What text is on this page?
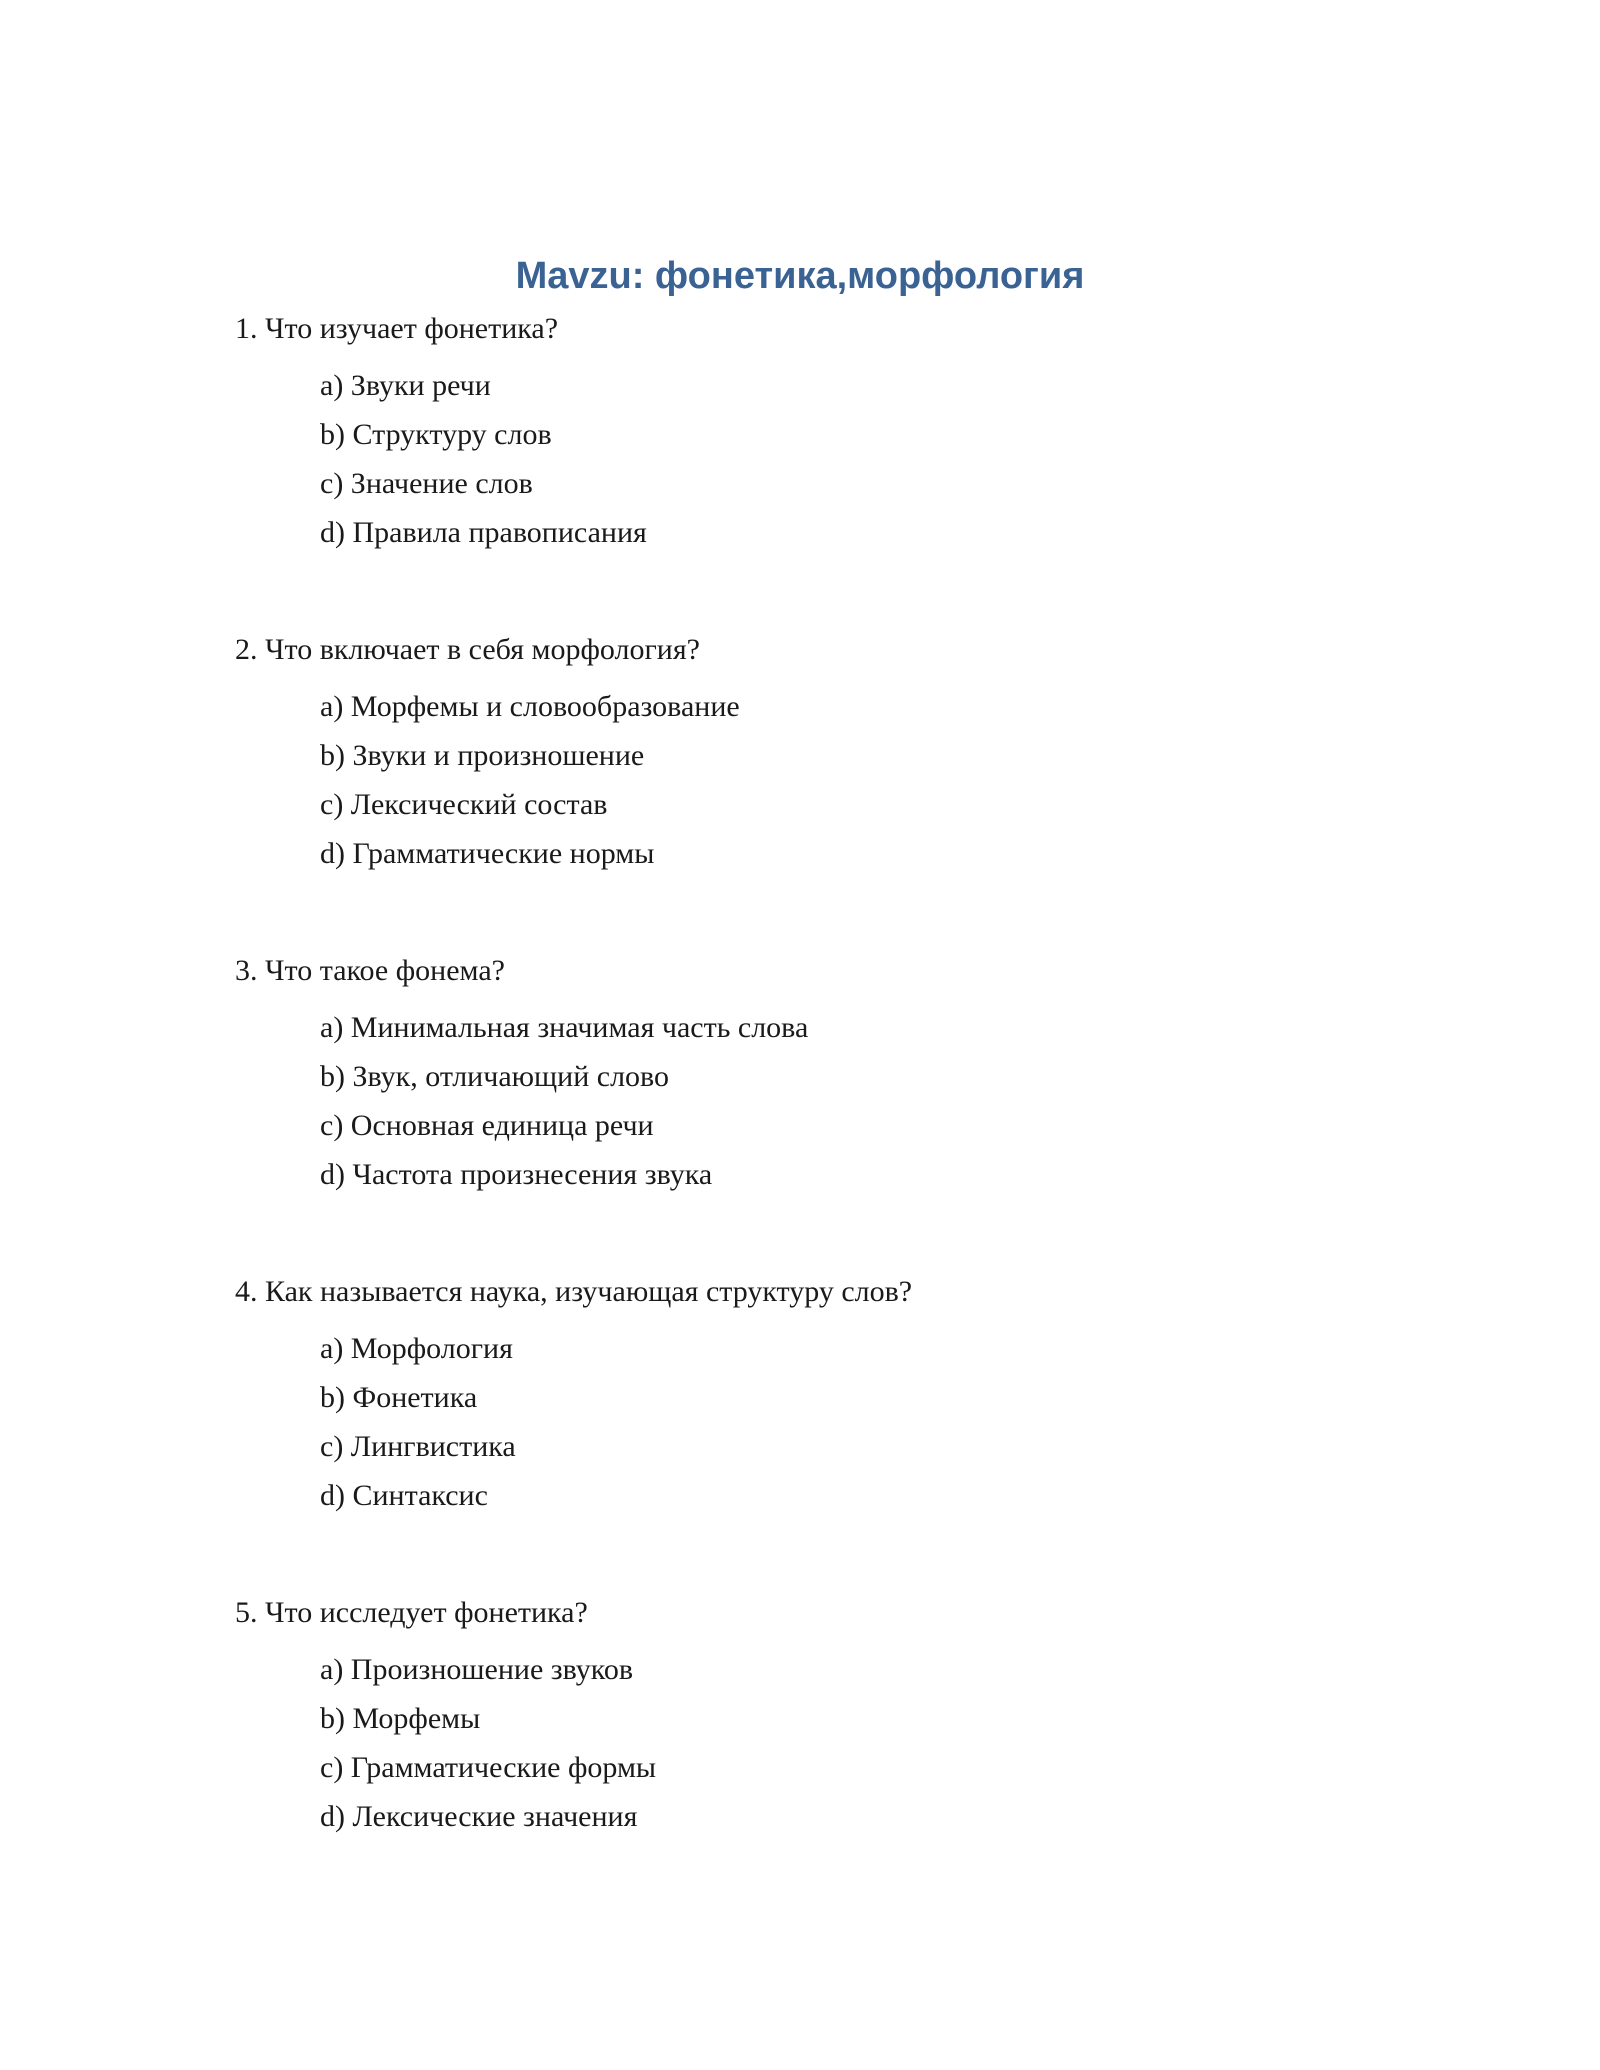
Mavzu: фонетика,морфология
1. Что изучает фонетика?
a) Звуки речи
b) Структуру слов
c) Значение слов
d) Правила правописания
2. Что включает в себя морфология?
a) Морфемы и словообразование
b) Звуки и произношение
c) Лексический состав
d) Грамматические нормы
3. Что такое фонема?
a) Минимальная значимая часть слова
b) Звук, отличающий слово
c) Основная единица речи
d) Частота произнесения звука
4. Как называется наука, изучающая структуру слов?
a) Морфология
b) Фонетика
c) Лингвистика
d) Синтаксис
5. Что исследует фонетика?
a) Произношение звуков
b) Морфемы
c) Грамматические формы
d) Лексические значения
